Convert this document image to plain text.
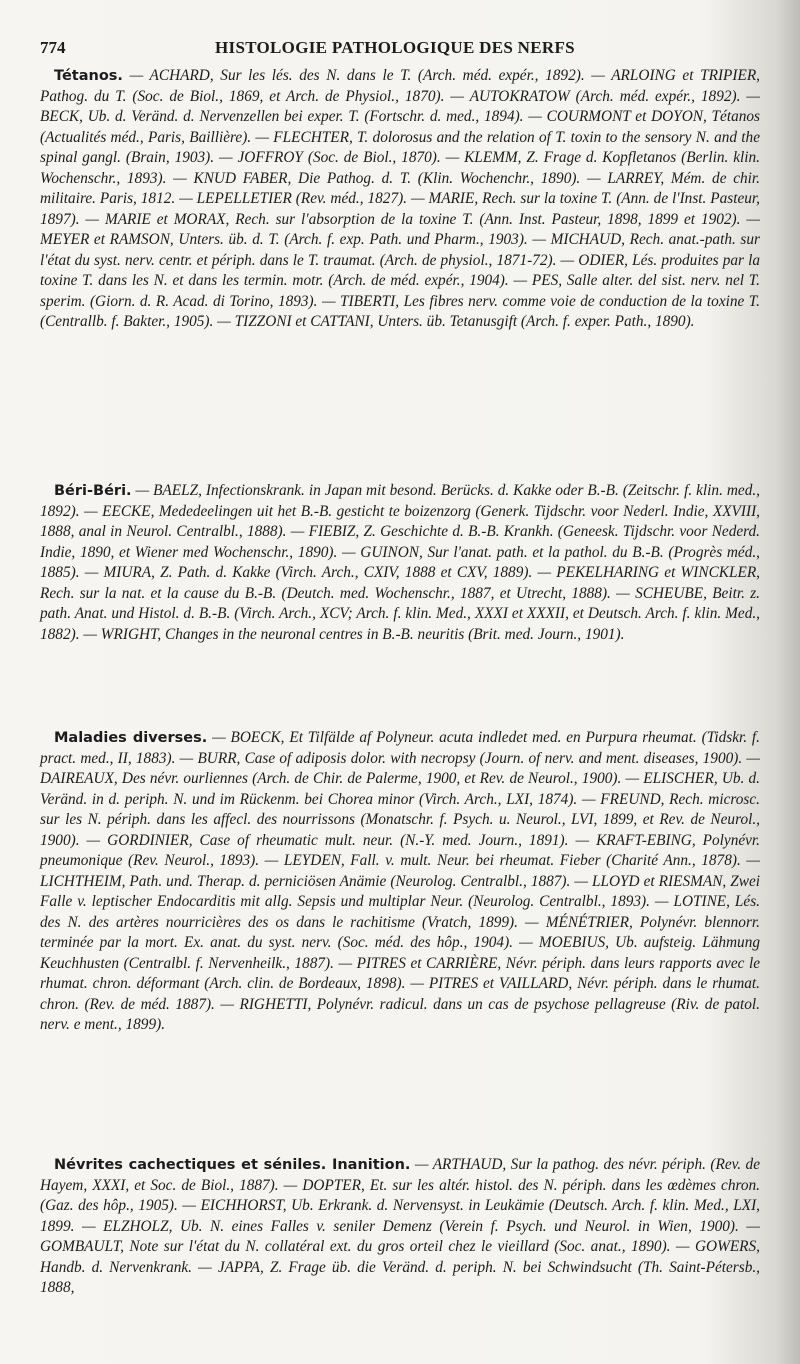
774	HISTOLOGIE PATHOLOGIQUE DES NERFS

Tétanos. — ACHARD, Sur les lés. des N. dans le T. (Arch. méd. expér., 1892). — ARLOING et TRIPIER, Pathog. du T. (Soc. de Biol., 1869, et Arch. de Physiol., 1870). — AUTOKRATOW (Arch. méd. expér., 1892). — BECK, Ub. d. Veränd. d. Nervenzellen bei exper. T. (Fortschr. d. med., 1894). — COURMONT et DOYON, Tétanos (Actualités méd., Paris, Baillière). — FLECHTER, T. dolorosus and the relation of T. toxin to the sensory N. and the spinal gangl. (Brain, 1903). — JOFFROY (Soc. de Biol., 1870). — KLEMM, Z. Frage d. Kopfletanos (Berlin. klin. Wochenschr., 1893). — KNUD FABER, Die Pathog. d. T. (Klin. Wochenchr., 1890). — LARREY, Mém. de chir. militaire. Paris, 1812. — LEPELLETIER (Rev. méd., 1827). — MARIE, Rech. sur la toxine T. (Ann. de l'Inst. Pasteur, 1897). — MARIE et MORAX, Rech. sur l'absorption de la toxine T. (Ann. Inst. Pasteur, 1898, 1899 et 1902). — MEYER et RAMSON, Unters. üb. d. T. (Arch. f. exp. Path. und Pharm., 1903). — MICHAUD, Rech. anat.-path. sur l'état du syst. nerv. centr. et périph. dans le T. traumat. (Arch. de physiol., 1871-72). — ODIER, Lés. produites par la toxine T. dans les N. et dans les termin. motr. (Arch. de méd. expér., 1904). — PES, Salle alter. del sist. nerv. nel T. sperim. (Giorn. d. R. Acad. di Torino, 1893). — TIBERTI, Les fibres nerv. comme voie de conduction de la toxine T. (Centrallb. f. Bakter., 1905). — TIZZONI et CATTANI, Unters. üb. Tetanusgift (Arch. f. exper. Path., 1890).

Béri-Béri. — BAELZ, Infectionskrank. in Japan mit besond. Berücks. d. Kakke oder B.-B. (Zeitschr. f. klin. med., 1892). — EECKE, Mededeelingen uit het B.-B. gesticht te boizenzorg (Generk. Tijdschr. voor Nederl. Indie, XXVIII, 1888, anal in Neurol. Centralbl., 1888). — FIEBIZ, Z. Geschichte d. B.-B. Krankh. (Geneesk. Tijdschr. voor Nederd. Indie, 1890, et Wiener med Wochenschr., 1890). — GUINON, Sur l'anat. path. et la pathol. du B.-B. (Progrès méd., 1885). — MIURA, Z. Path. d. Kakke (Virch. Arch., CXIV, 1888 et CXV, 1889). — PEKELHARING et WINCKLER, Rech. sur la nat. et la cause du B.-B. (Deutch. med. Wochenschr., 1887, et Utrecht, 1888). — SCHEUBE, Beitr. z. path. Anat. und Histol. d. B.-B. (Virch. Arch., XCV; Arch. f. klin. Med., XXXI et XXXII, et Deutsch. Arch. f. klin. Med., 1882). — WRIGHT, Changes in the neuronal centres in B.-B. neuritis (Brit. med. Journ., 1901).

Maladies diverses. — BOECK, Et Tilfälde af Polyneur. acuta indledet med. en Purpura rheumat. (Tidskr. f. pract. med., II, 1883). — BURR, Case of adiposis dolor. with necropsy (Journ. of nerv. and ment. diseases, 1900). — DAIREAUX, Des névr. ourliennes (Arch. de Chir. de Palerme, 1900, et Rev. de Neurol., 1900). — ELISCHER, Ub. d. Veränd. in d. periph. N. und im Rückenm. bei Chorea minor (Virch. Arch., LXI, 1874). — FREUND, Rech. microsc. sur les N. périph. dans les affecl. des nourrissons (Monatschr. f. Psych. u. Neurol., LVI, 1899, et Rev. de Neurol., 1900). — GORDINIER, Case of rheumatic mult. neur. (N.-Y. med. Journ., 1891). — KRAFT-EBING, Polynévr. pneumonique (Rev. Neurol., 1893). — LEYDEN, Fall. v. mult. Neur. bei rheumat. Fieber (Charité Ann., 1878). — LICHTHEIM, Path. und. Therap. d. perniciösen Anämie (Neurolog. Centralbl., 1887). — LLOYD et RIESMAN, Zwei Falle v. leptischer Endocarditis mit allg. Sepsis und multiplar Neur. (Neurolog. Centralbl., 1893). — LOTINE, Lés. des N. des artères nourricières des os dans le rachitisme (Vratch, 1899). — MÉNÉTRIER, Polynévr. blennorr. terminée par la mort. Ex. anat. du syst. nerv. (Soc. méd. des hôp., 1904). — MOEBIUS, Ub. aufsteig. Lähmung Keuchhusten (Centralbl. f. Nervenheilk., 1887). — PITRES et CARRIÈRE, Névr. périph. dans leurs rapports avec le rhumat. chron. déformant (Arch. clin. de Bordeaux, 1898). — PITRES et VAILLARD, Névr. périph. dans le rhumat. chron. (Rev. de méd. 1887). — RIGHETTI, Polynévr. radicul. dans un cas de psychose pellagreuse (Riv. de patol. nerv. e ment., 1899).

Névrites cachectiques et séniles. Inanition. — ARTHAUD, Sur la pathog. des névr. périph. (Rev. de Hayem, XXXI, et Soc. de Biol., 1887). — DOPTER, Et. sur les altér. histol. des N. périph. dans les œdèmes chron. (Gaz. des hôp., 1905). — EICHHORST, Ub. Erkrank. d. Nervensyst. in Leukämie (Deutsch. Arch. f. klin. Med., LXI, 1899. — ELZHOLZ, Ub. N. eines Falles v. seniler Demenz (Verein f. Psych. und Neurol. in Wien, 1900). — GOMBAULT, Note sur l'état du N. collatéral ext. du gros orteil chez le vieillard (Soc. anat., 1890). — GOWERS, Handb. d. Nervenkrank. — JAPPA, Z. Frage üb. die Veränd. d. periph. N. bei Schwindsucht (Th. Saint-Pétersb., 1888,
